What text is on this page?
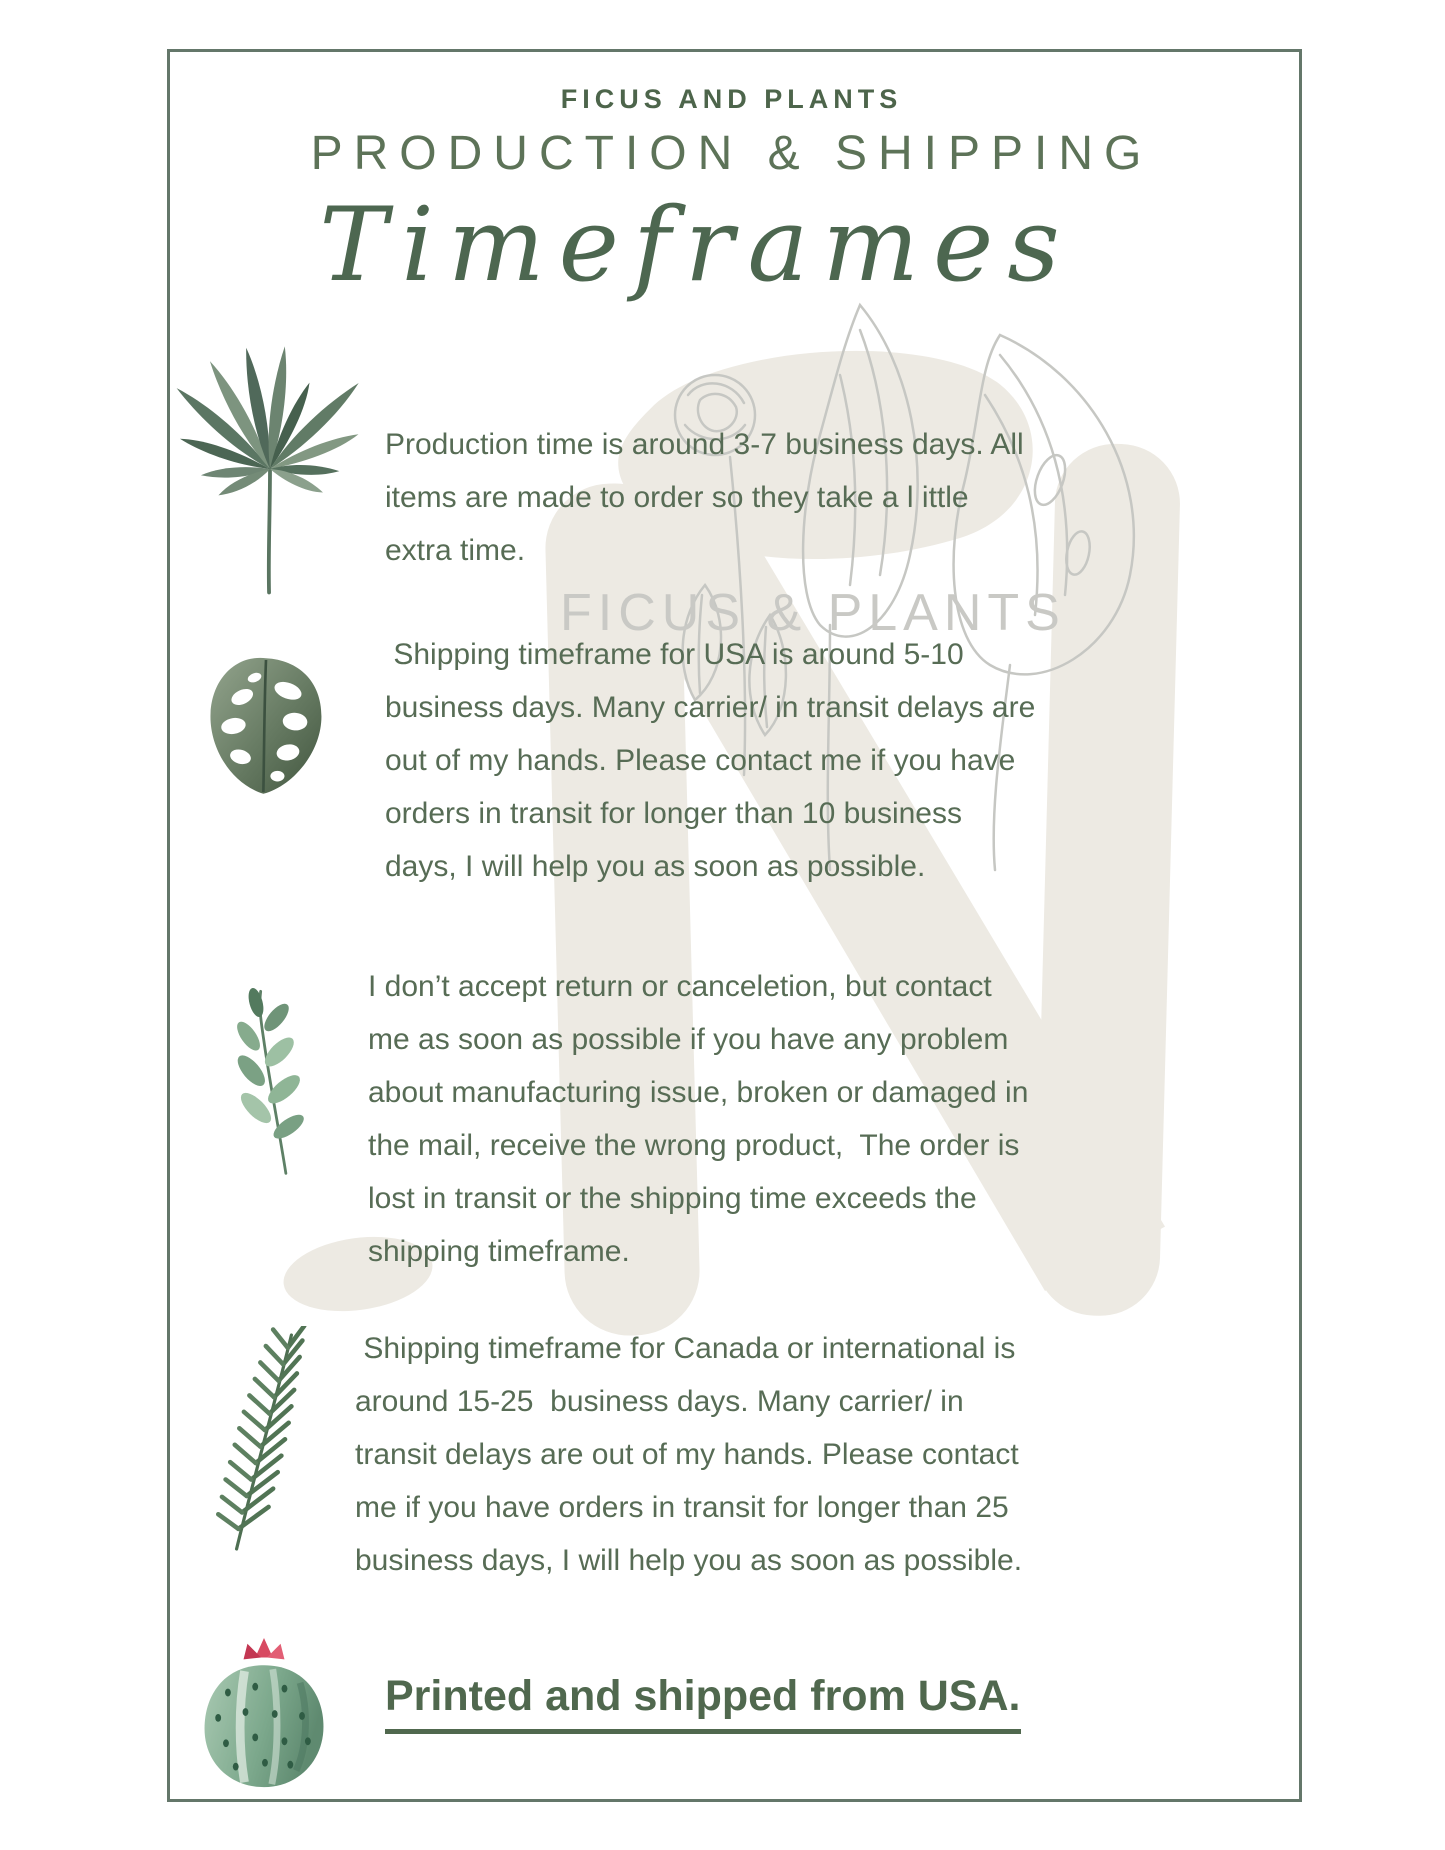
FICUS & PLANTS
FICUS AND PLANTS
PRODUCTION & SHIPPING
Timeframes
Production time is around 3-7 business days. All
items are made to order so they take a l ittle
extra time.
Shipping timeframe for USA is around 5-10
business days. Many carrier/ in transit delays are
out of my hands. Please contact me if you have
orders in transit for longer than 10 business
days, I will help you as soon as possible.
I don’t accept return or canceletion, but contact
me as soon as possible if you have any problem
about manufacturing issue, broken or damaged in
the mail, receive the wrong product,  The order is
lost in transit or the shipping time exceeds the
shipping timeframe.
Shipping timeframe for Canada or international is
around 15-25  business days. Many carrier/ in
transit delays are out of my hands. Please contact
me if you have orders in transit for longer than 25
business days, I will help you as soon as possible.
Printed and shipped from USA.
